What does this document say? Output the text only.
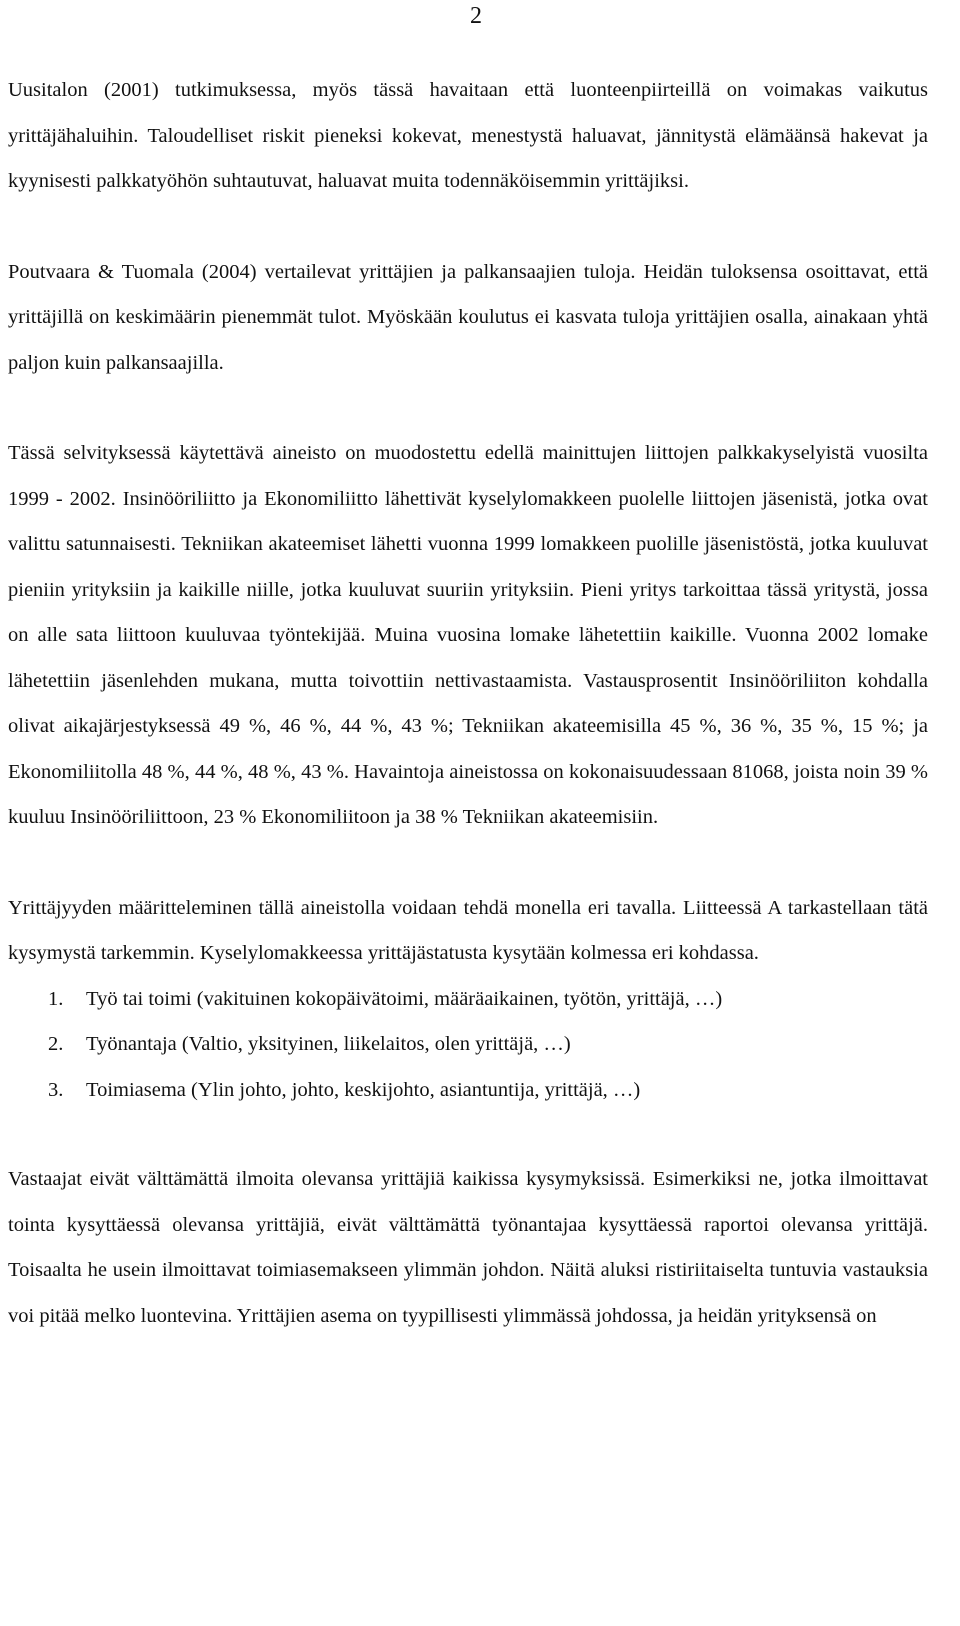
2

Uusitalon (2001) tutkimuksessa, myös tässä havaitaan että luonteenpiirteillä on voimakas vaikutus yrittäjähaluihin. Taloudelliset riskit pieneksi kokevat, menestystä haluavat, jännitystä elämäänsä hakevat ja kyynisesti palkkatyöhön suhtautuvat, haluavat muita todennäköisemmin yrittäjiksi.

Poutvaara & Tuomala (2004) vertailevat yrittäjien ja palkansaajien tuloja. Heidän tuloksensa osoittavat, että yrittäjillä on keskimäärin pienemmät tulot. Myöskään koulutus ei kasvata tuloja yrittäjien osalla, ainakaan yhtä paljon kuin palkansaajilla.

Tässä selvityksessä käytettävä aineisto on muodostettu edellä mainittujen liittojen palkkakyselyistä vuosilta 1999 - 2002. Insinööriliitto ja Ekonomiliitto lähettivät kyselylomakkeen puolelle liittojen jäsenistä, jotka ovat valittu satunnaisesti. Tekniikan akateemiset lähetti vuonna 1999 lomakkeen puolille jäsenistöstä, jotka kuuluvat pieniin yrityksiin ja kaikille niille, jotka kuuluvat suuriin yrityksiin. Pieni yritys tarkoittaa tässä yritystä, jossa on alle sata liittoon kuuluvaa työntekijää. Muina vuosina lomake lähetettiin kaikille. Vuonna 2002 lomake lähetettiin jäsenlehden mukana, mutta toivottiin nettivastaamista. Vastausprosentit Insinööriliiton kohdalla olivat aikajärjestyksessä 49 %, 46 %, 44 %, 43 %; Tekniikan akateemisilla 45 %, 36 %, 35 %, 15 %; ja Ekonomiliitolla 48 %, 44 %, 48 %, 43 %. Havaintoja aineistossa on kokonaisuudessaan 81068, joista noin 39 % kuuluu Insinööriliittoon, 23 % Ekonomiliitoon ja 38 % Tekniikan akateemisiin.

Yrittäjyyden määritteleminen tällä aineistolla voidaan tehdä monella eri tavalla. Liitteessä A tarkastellaan tätä kysymystä tarkemmin. Kyselylomakkeessa yrittäjästatusta kysytään kolmessa eri kohdassa.

1.	Työ tai toimi (vakituinen kokopäivätoimi, määräaikainen, työtön, yrittäjä, …)
2.	Työnantaja (Valtio, yksityinen, liikelaitos, olen yrittäjä, …)
3.	Toimiasema (Ylin johto, johto, keskijohto, asiantuntija, yrittäjä, …)

Vastaajat eivät välttämättä ilmoita olevansa yrittäjiä kaikissa kysymyksissä. Esimerkiksi ne, jotka ilmoittavat tointa kysyttäessä olevansa yrittäjiä, eivät välttämättä työnantajaa kysyttäessä raportoi olevansa yrittäjä. Toisaalta he usein ilmoittavat toimiasemakseen ylimmän johdon. Näitä aluksi ristiriitaiselta tuntuvia vastauksia voi pitää melko luontevina. Yrittäjien asema on tyypillisesti ylimmässä johdossa, ja heidän yrityksensä on
